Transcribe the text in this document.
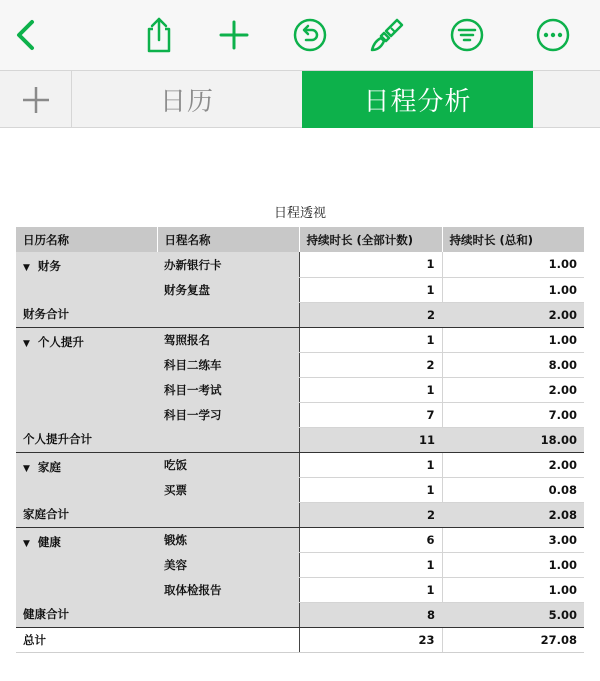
日历	日程分析
日程透视
日历名称	日程名称	持续时长 (全部计数)	持续时长 (总和)
▼ 财务	办新银行卡	1	1.00
	财务复盘	1	1.00
财务合计		2	2.00
▼ 个人提升	驾照报名	1	1.00
	科目二练车	2	8.00
	科目一考试	1	2.00
	科目一学习	7	7.00
个人提升合计		11	18.00
▼ 家庭	吃饭	1	2.00
	买票	1	0.08
家庭合计		2	2.08
▼ 健康	锻炼	6	3.00
	美容	1	1.00
	取体检报告	1	1.00
健康合计		8	5.00
总计		23	27.08
